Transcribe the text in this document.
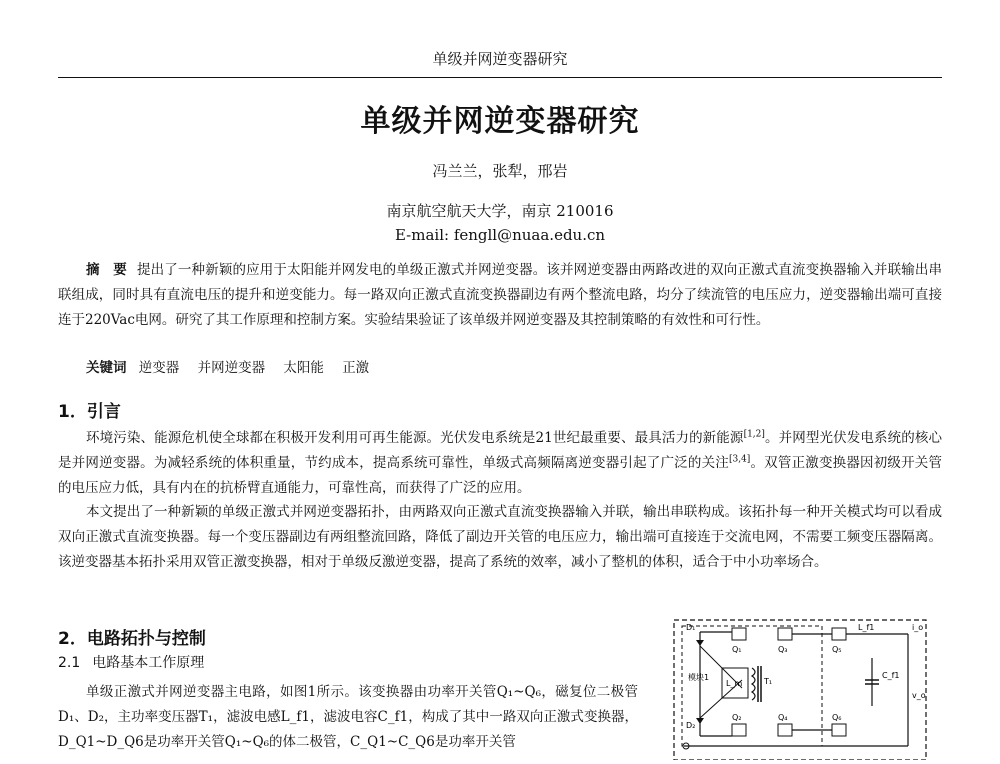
单级并网逆变器研究
单级并网逆变器研究
冯兰兰，张犁，邢岩
南京航空航天大学，南京 210016
E-mail: fengll@nuaa.edu.cn
摘　要 提出了一种新颖的应用于太阳能并网发电的单级正激式并网逆变器。该并网逆变器由两路改进的双向正激式直流变换器输入并联输出串联组成，同时具有直流电压的提升和逆变能力。每一路双向正激式直流变换器副边有两个整流电路，均分了续流管的电压应力，逆变器输出端可直接连于220Vac电网。研究了其工作原理和控制方案。实验结果验证了该单级并网逆变器及其控制策略的有效性和可行性。
关键词 逆变器 并网逆变器 太阳能 正激
1．引言
环境污染、能源危机使全球都在积极开发利用可再生能源。光伏发电系统是21世纪最重要、最具活力的新能源[1,2]。并网型光伏发电系统的核心是并网逆变器。为减轻系统的体积重量，节约成本，提高系统可靠性，单级式高频隔离逆变器引起了广泛的关注[3,4]。双管正激变换器因初级开关管的电压应力低，具有内在的抗桥臂直通能力，可靠性高，而获得了广泛的应用。
本文提出了一种新颖的单级正激式并网逆变器拓扑，由两路双向正激式直流变换器输入并联，输出串联构成。该拓扑每一种开关模式均可以看成双向正激式直流变换器。每一个变压器副边有两组整流回路，降低了副边开关管的电压应力，输出端可直接连于交流电网，不需要工频变压器隔离。该逆变器基本拓扑采用双管正激变换器，相对于单级反激逆变器，提高了系统的效率，减小了整机的体积，适合于中小功率场合。
2．电路拓扑与控制
2.1 电路基本工作原理
单级正激式并网逆变器主电路，如图1所示。该变换器由功率开关管Q₁~Q₆，磁复位二极管D₁、D₂，主功率变压器T₁，滤波电感L_f1，滤波电容C_f1，构成了其中一路双向正激式变换器，D_Q1~D_Q6是功率开关管Q₁~Q₆的体二极管，C_Q1~C_Q6是功率开关管
D₁
D₂
Q₁
Q₂
Q₃
Q₄
Q₅
Q₆
L_f1
C_f1
T₁
L_m
v_o
i_o
模块1
